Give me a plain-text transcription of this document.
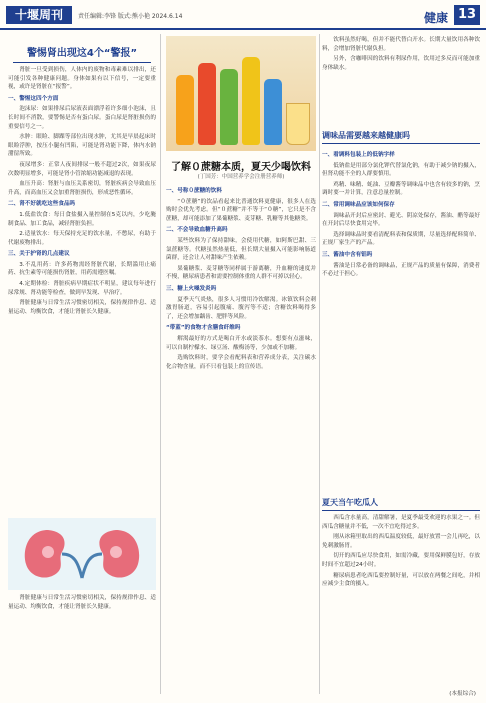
十堰周刊	责任编辑:李锋 版式:熊小艳 2024.6.14	健康 13
警惕肾出现这4个“警报”

肾脏一旦受到损伤，人体内的废物和毒素难以排出，还可能引发各种健康问题。身体如果有以下信号，一定要重视，或许是肾脏在“报警”。

一、警惕这四个方面

泡沫尿：如果排尿后尿液表面漂浮着许多细小泡沫，且长时间不消散，要警惕是否有蛋白尿。蛋白尿是肾脏损伤的重要信号之一。

水肿：眼睑、脚踝等部位出现水肿，尤其是早晨起床时眼睑浮肿，按压小腿有凹陷，可能是肾功能下降，体内水钠潴留所致。

夜尿增多：正常人夜间排尿一般不超过2次，如果夜尿次数明显增多，可能是肾小管浓缩功能减退的表现。

血压升高：肾脏与血压关系密切，肾脏疾病会导致血压升高，而高血压又会加重肾脏损伤，形成恶性循环。

二、肾不好就吃这些食品吗

1.低盐饮食：每日食盐摄入量控制在5克以内，少吃腌制食品、加工食品，减轻肾脏负担。

2.适量饮水：每天保持充足的饮水量，不憋尿，有助于代谢废物排出。

三、关于护肾的几点建议

3.不乱用药：许多药物需经肾脏代谢，长期滥用止痛药、抗生素等可能损伤肾脏，用药需遵医嘱。

4.定期体检：肾脏疾病早期症状不明显，建议每年进行尿常规、肾功能等检查，做到早发现、早治疗。

肾脏健康与日常生活习惯密切相关，保持规律作息、适量运动、均衡饮食，才能让肾脏长久健康。

肾脏健康与日常生活习惯密切相关，保持规律作息、适量运动、均衡饮食，才能让肾脏长久健康。

了解０蔗糖本质，夏天少喝饮料
(丁国芳：中国营养学会注册营养师)

一、号称０蔗糖的饮料

“０蔗糖”的饮品看起来比普通饮料更健康，很多人在选购时会优先考虑。但“０蔗糖”并不等于“０糖”，它只是不含蔗糖，却可能添加了果葡糖浆、麦芽糖、乳糖等其他糖类。

二、不会导致血糖升高吗

某些饮料为了保持甜味，会使用代糖，如阿斯巴甜、三氯蔗糖等。代糖虽然热量低，但长期大量摄入可能影响肠道菌群，还会让人对甜味产生依赖。

果葡糖浆、麦芽糖等同样属于游离糖，升血糖的速度并不慢，糖尿病患者和需要控制体重的人群不可掉以轻心。

三、糖上火嗓发炎吗

夏季天气炎热，很多人习惯用冷饮解渴。冰镇饮料会刺激胃肠道，容易引起腹痛、腹泻等不适；含糖饮料喝得多了，还会增加龋齿、肥胖等风险。

“带蓝”的食物才含膳食纤维吗

解渴最好的方式是喝白开水或淡茶水。想要有点滋味，可以自制柠檬水、绿豆汤、酸梅汤等，少加或不加糖。

选购饮料时，要学会看配料表和营养成分表，关注碳水化合物含量，而不只看包装上的宣传语。

饮料虽然好喝，但并不能代替白开水。长期大量饮用各种饮料，会增加肾脏代谢负担。

另外，含咖啡因的饮料有利尿作用，饮用过多反而可能加重身体缺水。

调味品需要越来越健康吗

一、看调料包装上的低钠字样

低钠盐是用部分氯化钾代替氯化钠，有助于减少钠的摄入，但肾功能不全的人群要慎用。

鸡精、味精、蚝油、豆瓣酱等调味品中也含有较多的钠，烹调时要一并计算，注意总量控制。

二、常用调味品应该如何保存

调味品开封后应密封、避光、阴凉处保存，酱油、醋等最好在开封后尽快食用完毕。

选择调味品时要看清配料表和保质期，尽量选择配料简单、正规厂家生产的产品。

三、酱油中含有铝吗

酱油是日常必备的调味品，正规产品的质量有保障，消费者不必过于担心。

夏天当午吃瓜人

西瓜含水量高，清甜解暑，是夏季最受欢迎的水果之一。但西瓜含糖量并不低，一次不宜吃得过多。

刚从冰箱里取出的西瓜温度较低，最好放置一会儿再吃，以免刺激肠胃。

切开的西瓜应尽快食用，如需冷藏，要用保鲜膜包好，存放时间不宜超过24小时。

糖尿病患者吃西瓜要控制好量，可以放在两餐之间吃，并相应减少主食的摄入。

(本报综合)
